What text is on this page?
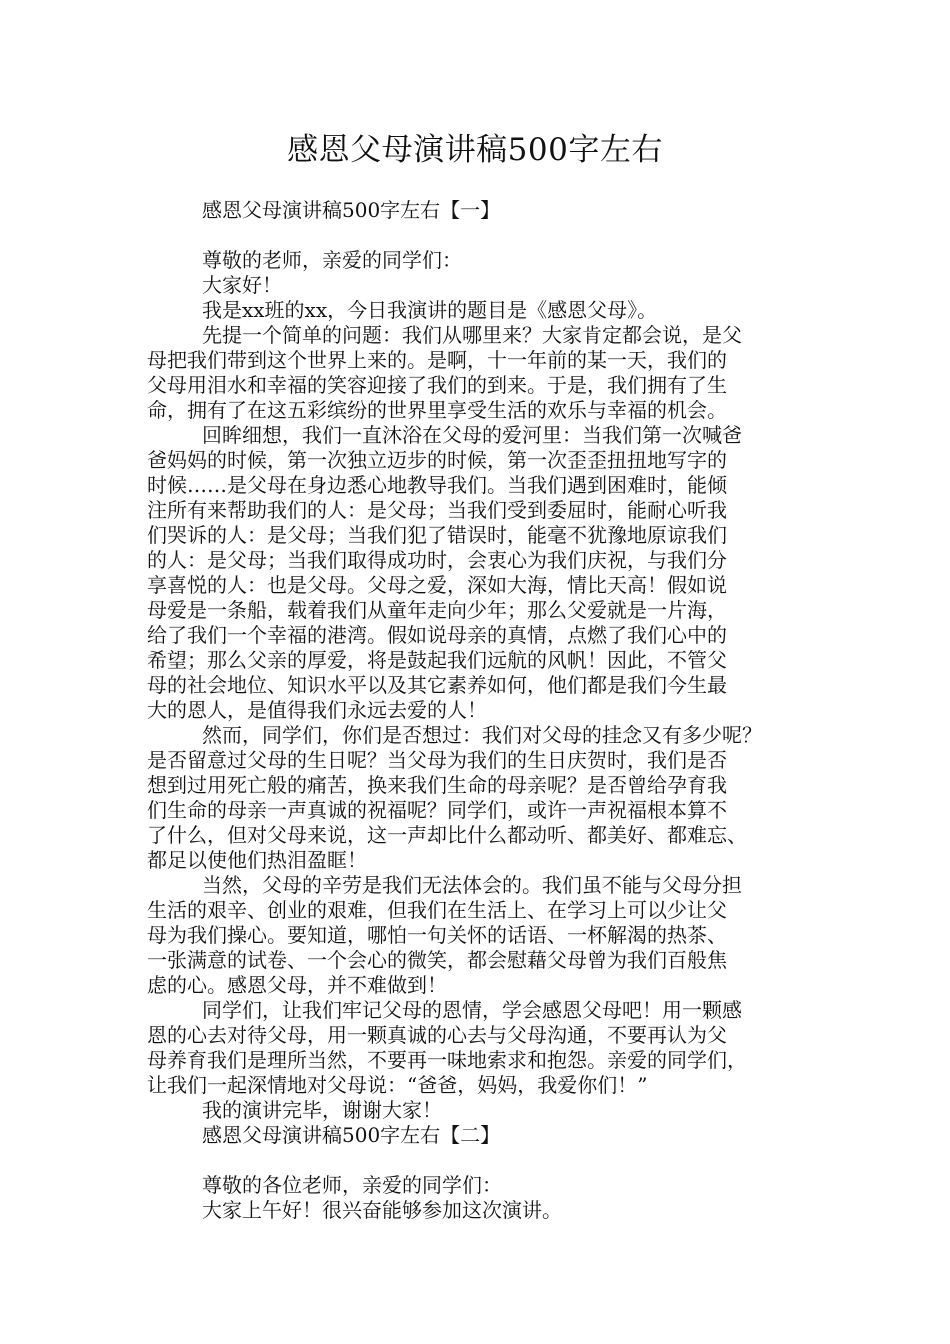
感恩父母演讲稿500字左右

感恩父母演讲稿500字左右【一】

尊敬的老师，亲爱的同学们：

大家好！

我是xx班的xx，今日我演讲的题目是《感恩父母》。

先提一个简单的问题：我们从哪里来？大家肯定都会说，是父

母把我们带到这个世界上来的。是啊，十一年前的某一天，我们的

父母用泪水和幸福的笑容迎接了我们的到来。于是，我们拥有了生

命，拥有了在这五彩缤纷的世界里享受生活的欢乐与幸福的机会。

回眸细想，我们一直沐浴在父母的爱河里：当我们第一次喊爸

爸妈妈的时候，第一次独立迈步的时候，第一次歪歪扭扭地写字的

时候……是父母在身边悉心地教导我们。当我们遇到困难时，能倾

注所有来帮助我们的人：是父母；当我们受到委屈时，能耐心听我

们哭诉的人：是父母；当我们犯了错误时，能毫不犹豫地原谅我们

的人：是父母；当我们取得成功时，会衷心为我们庆祝，与我们分

享喜悦的人：也是父母。父母之爱，深如大海，情比天高！假如说

母爱是一条船，载着我们从童年走向少年；那么父爱就是一片海，

给了我们一个幸福的港湾。假如说母亲的真情，点燃了我们心中的

希望；那么父亲的厚爱，将是鼓起我们远航的风帆！因此，不管父

母的社会地位、知识水平以及其它素养如何，他们都是我们今生最

大的恩人，是值得我们永远去爱的人！

然而，同学们，你们是否想过：我们对父母的挂念又有多少呢？

是否留意过父母的生日呢？当父母为我们的生日庆贺时，我们是否

想到过用死亡般的痛苦，换来我们生命的母亲呢？是否曾给孕育我

们生命的母亲一声真诚的祝福呢？同学们，或许一声祝福根本算不

了什么，但对父母来说，这一声却比什么都动听、都美好、都难忘、

都足以使他们热泪盈眶！

当然，父母的辛劳是我们无法体会的。我们虽不能与父母分担

生活的艰辛、创业的艰难，但我们在生活上、在学习上可以少让父

母为我们操心。要知道，哪怕一句关怀的话语、一杯解渴的热茶、

一张满意的试卷、一个会心的微笑，都会慰藉父母曾为我们百般焦

虑的心。感恩父母，并不难做到！

同学们，让我们牢记父母的恩情，学会感恩父母吧！用一颗感

恩的心去对待父母，用一颗真诚的心去与父母沟通，不要再认为父

母养育我们是理所当然，不要再一味地索求和抱怨。亲爱的同学们，

让我们一起深情地对父母说：“爸爸，妈妈，我爱你们！”

我的演讲完毕，谢谢大家！

感恩父母演讲稿500字左右【二】

尊敬的各位老师，亲爱的同学们：

大家上午好！很兴奋能够参加这次演讲。
